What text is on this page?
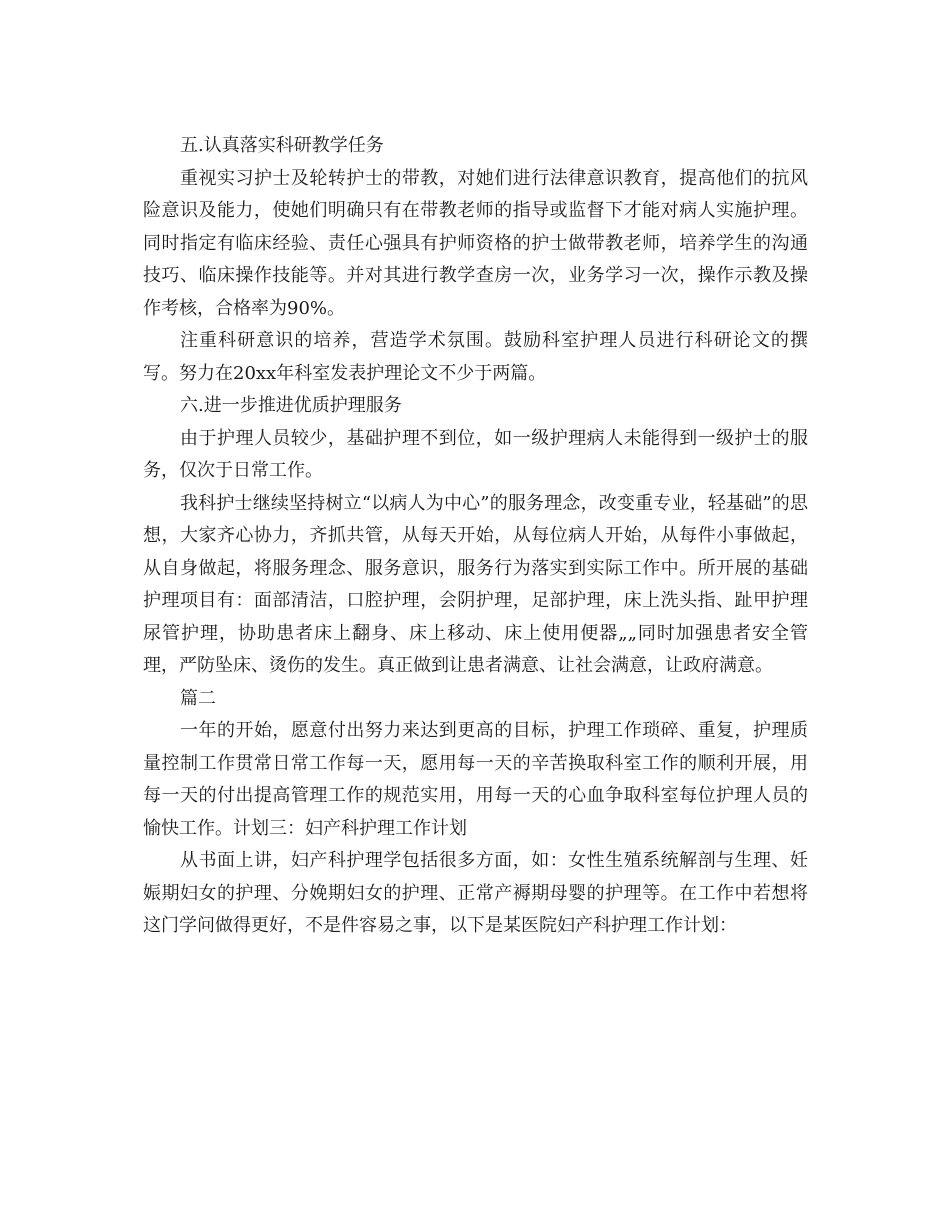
五.认真落实科研教学任务

重视实习护士及轮转护士的带教，对她们进行法律意识教育，提高他们的抗风险意识及能力，使她们明确只有在带教老师的指导或监督下才能对病人实施护理。同时指定有临床经验、责任心强具有护师资格的护士做带教老师，培养学生的沟通技巧、临床操作技能等。并对其进行教学查房一次，业务学习一次，操作示教及操作考核，合格率为90%。

注重科研意识的培养，营造学术氛围。鼓励科室护理人员进行科研论文的撰写。努力在20xx年科室发表护理论文不少于两篇。

六.进一步推进优质护理服务

由于护理人员较少，基础护理不到位，如一级护理病人未能得到一级护士的服务，仅次于日常工作。

我科护士继续坚持树立“以病人为中心”的服务理念，改变重专业，轻基础”的思想，大家齐心协力，齐抓共管，从每天开始，从每位病人开始，从每件小事做起，从自身做起，将服务理念、服务意识，服务行为落实到实际工作中。所开展的基础护理项目有：面部清洁，口腔护理，会阴护理，足部护理，床上洗头指、趾甲护理尿管护理，协助患者床上翻身、床上移动、床上使用便器„„同时加强患者安全管理，严防坠床、烫伤的发生。真正做到让患者满意、让社会满意，让政府满意。

篇二

一年的开始，愿意付出努力来达到更高的目标，护理工作琐碎、重复，护理质量控制工作贯常日常工作每一天，愿用每一天的辛苦换取科室工作的顺利开展，用每一天的付出提高管理工作的规范实用，用每一天的心血争取科室每位护理人员的愉快工作。计划三：妇产科护理工作计划

从书面上讲，妇产科护理学包括很多方面，如：女性生殖系统解剖与生理、妊娠期妇女的护理、分娩期妇女的护理、正常产褥期母婴的护理等。在工作中若想将这门学问做得更好，不是件容易之事，以下是某医院妇产科护理工作计划：
